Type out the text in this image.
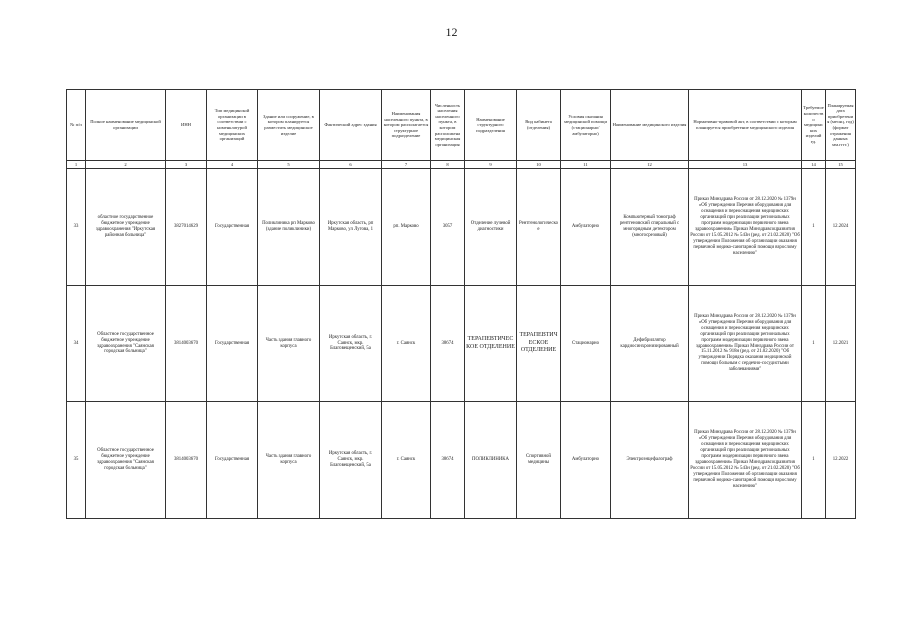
12
№ п/п	Полное наименование медицинской организации	ИНН	Тип медицинской организации в соответствии с номенклатурой медицинских организаций	Здание или сооружение, в котором планируется разместить медицинское изделие	Фактический адрес здания	Наименования населенного пункта, в котором располагается структурное подразделение	Численность населения населенного пункта, в котором расположена медицинская организация	Наименование структурного подразделения	Вид кабинета (отделения)	Условия оказания медицинской помощи (стационарно/амбулаторно)	Наименование медицинского изделия	Нормативно-правовой акт, в соответствии с которым планируется приобретение медицинского изделия	Требуемое количество медицинских изделий ед.	Планируемая дата приобретения (месяц, год) (формат отражения данных мм.гггг.)
1	2	3	4	5	6	7	8	9	10	11	12	13	14	15
33	областное государственное бюджетное учреждение здравоохранения "Иркутская районная больница"	3827014629	Государственная	Поликлиника рп Марково (здание поликлиники)	Иркутская область, рп Марково, ул Лугова, 1	рп. Марково	3057	Отделение лучевой диагностики	Рентгенологическое	Амбулаторно	Компьютерный томограф рентгеновский спиральный с многорядным детектором (многосрезовый)	Приказ Минздрава России от 28.12.2020 № 1379н «Об утверждении Перечня оборудования для оснащения и переоснащения медицинских организаций при реализации региональных программ модернизации первичного звена здравоохранения» Приказ Минздравсоцразвития России от 15.05.2012 № 543н (ред. от 21.02.2020) "Об утверждении Положения об организации оказания первичной медико-санитарной помощи взрослому населению"	1	12.2024
34	Областное государственное бюджетное учреждение здравоохранения "Саянская городская больница"	3814003670	Государственная	Часть здания главного корпуса	Иркутская область, г. Саянск, мкр. Благовещенский, 5а	г. Саянск	38674	ТЕРАПЕВТИЧЕСКОЕ ОТДЕЛЕНИЕ	ТЕРАПЕВТИЧЕСКОЕ ОТДЕЛЕНИЕ	Стационарно	Дефибриллятор кардиосинхронизированный	Приказ Минздрава России от 28.12.2020 № 1379н «Об утверждении Перечня оборудования для оснащения и переоснащения медицинских организаций при реализации региональных программ модернизации первичного звена здравоохранения» Приказ Минздрава России от 15.11.2012 № 918н (ред. от 21.02.2020) "Об утверждении Порядка оказания медицинской помощи больным с сердечно-сосудистыми заболеваниями"	1	12.2021
35	Областное государственное бюджетное учреждение здравоохранения "Саянская городская больница"	3814003670	Государственная	Часть здания главного корпуса	Иркутская область, г. Саянск, мкр. Благовещенский, 5а	г. Саянск	38674	ПОЛИКЛИНИКА	Спортивной медицины	Амбулаторно	Электроэнцефалограф	Приказ Минздрава России от 28.12.2020 № 1379н «Об утверждении Перечня оборудования для оснащения и переоснащения медицинских организаций при реализации региональных программ модернизации первичного звена здравоохранения» Приказ Минздравсоцразвития России от 15.05.2012 № 543н (ред. от 21.02.2020) "Об утверждении Положения об организации оказания первичной медико-санитарной помощи взрослому населению"	1	12.2022
